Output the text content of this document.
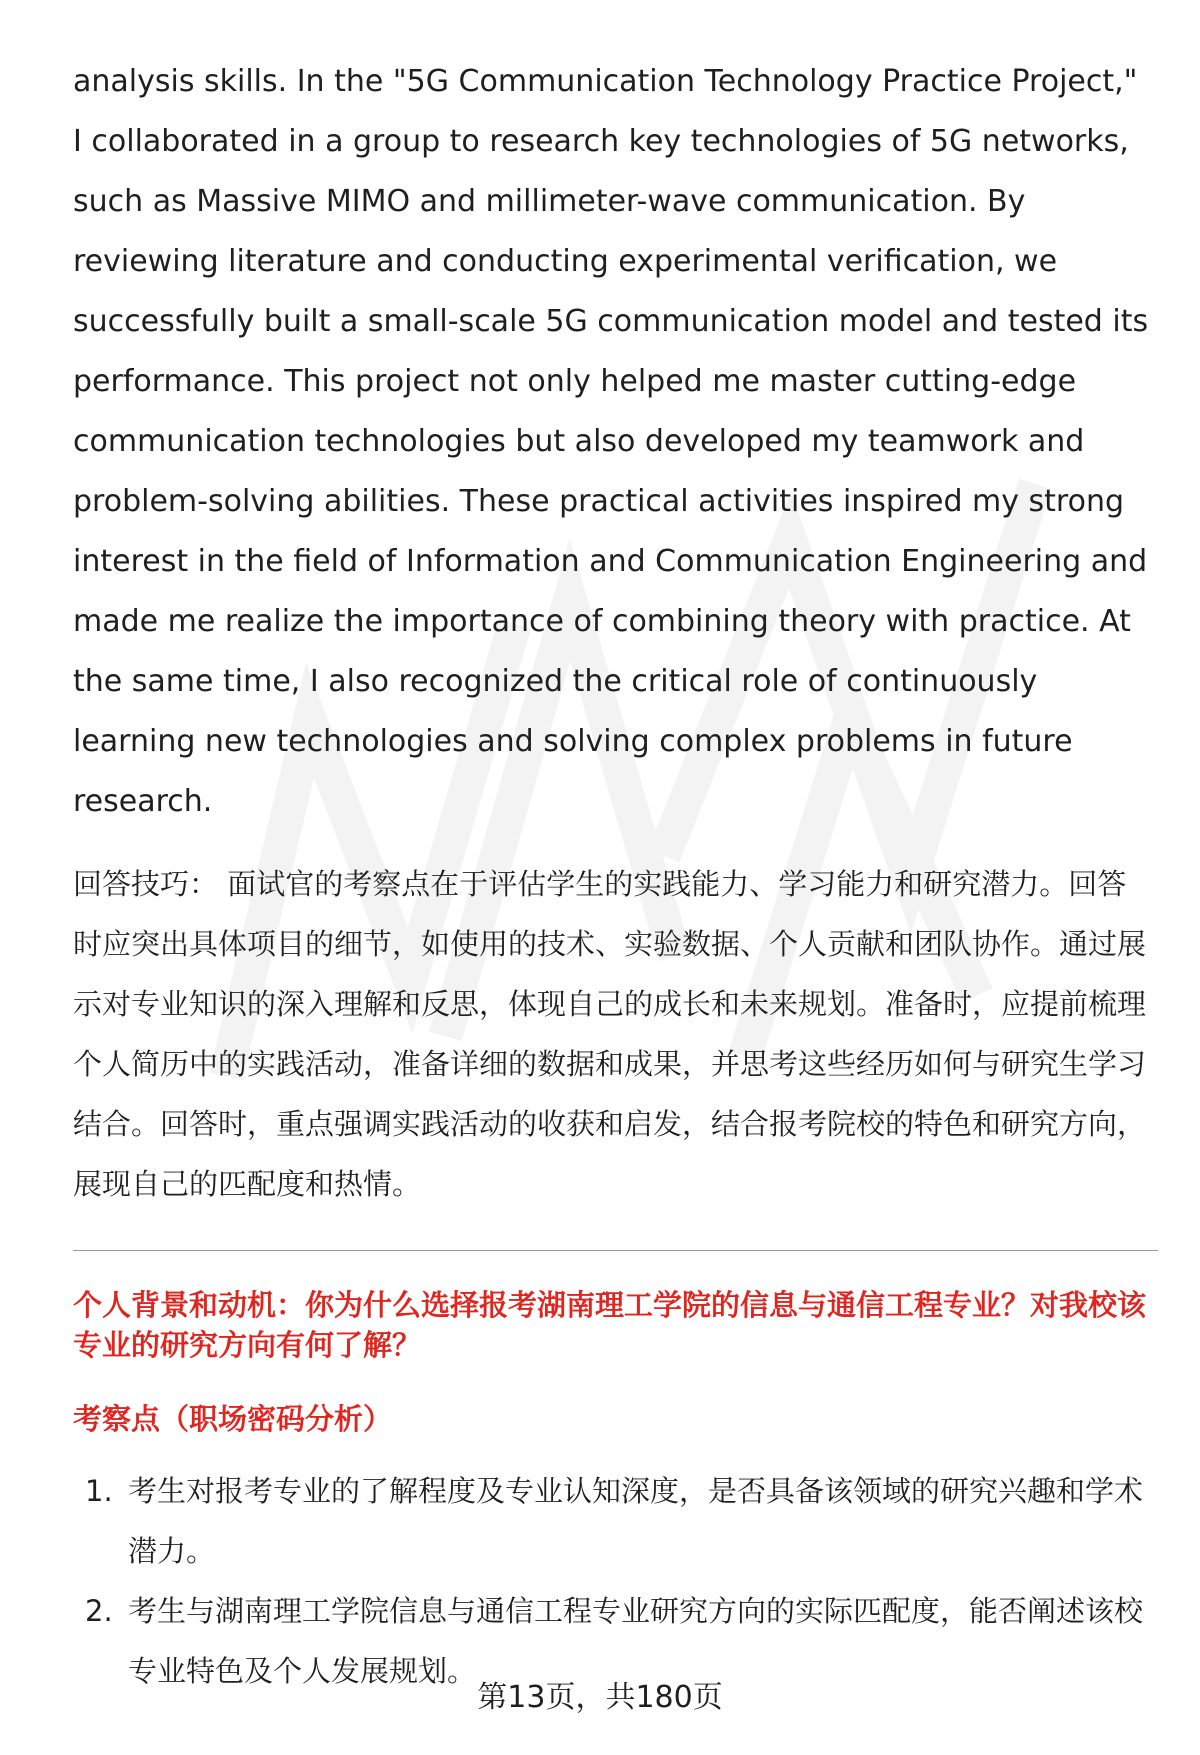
analysis skills. In the "5G Communication Technology Practice Project," I collaborated in a group to research key technologies of 5G networks, such as Massive MIMO and millimeter-wave communication. By reviewing literature and conducting experimental verification, we successfully built a small-scale 5G communication model and tested its performance. This project not only helped me master cutting-edge communication technologies but also developed my teamwork and problem-solving abilities. These practical activities inspired my strong interest in the field of Information and Communication Engineering and made me realize the importance of combining theory with practice. At the same time, I also recognized the critical role of continuously learning new technologies and solving complex problems in future research.

回答技巧： 面试官的考察点在于评估学生的实践能力、学习能力和研究潜力。回答时应突出具体项目的细节，如使用的技术、实验数据、个人贡献和团队协作。通过展示对专业知识的深入理解和反思，体现自己的成长和未来规划。准备时，应提前梳理个人简历中的实践活动，准备详细的数据和成果，并思考这些经历如何与研究生学习结合。回答时，重点强调实践活动的收获和启发，结合报考院校的特色和研究方向，展现自己的匹配度和热情。

个人背景和动机：你为什么选择报考湖南理工学院的信息与通信工程专业？对我校该专业的研究方向有何了解？

考察点（职场密码分析）

1. 考生对报考专业的了解程度及专业认知深度，是否具备该领域的研究兴趣和学术潜力。
2. 考生与湖南理工学院信息与通信工程专业研究方向的实际匹配度，能否阐述该校专业特色及个人发展规划。
第13页，共180页
